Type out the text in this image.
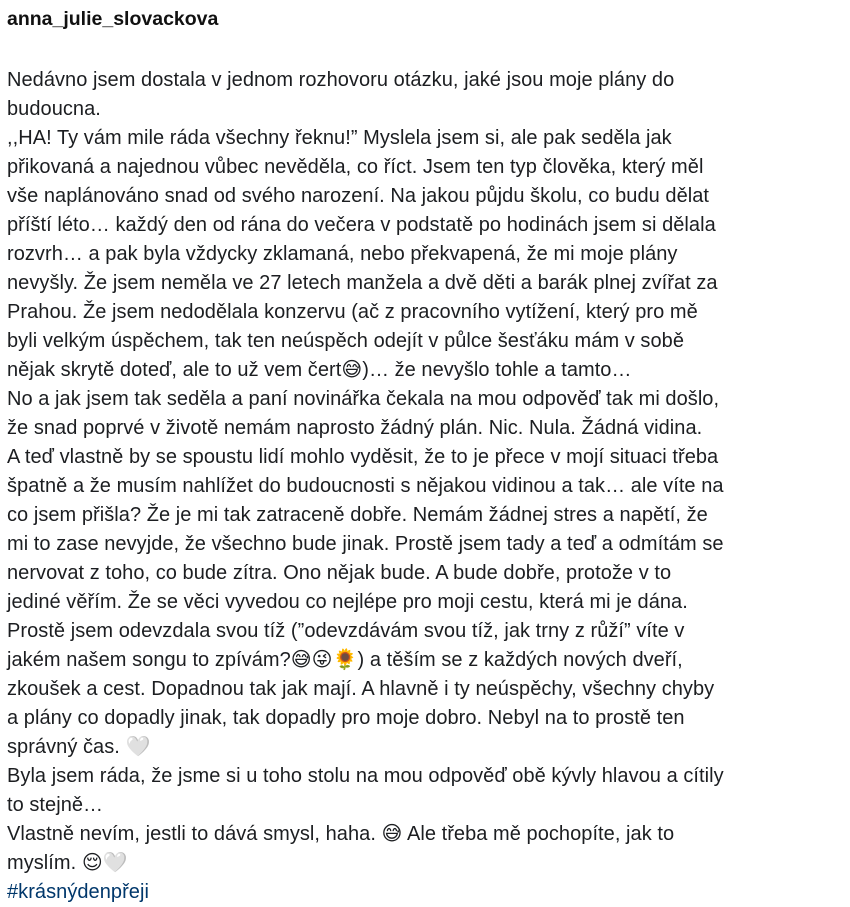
anna_julie_slovackova
Nedávno jsem dostala v jednom rozhovoru otázku, jaké jsou moje plány do
budoucna.
,,HA! Ty vám mile ráda všechny řeknu!” Myslela jsem si, ale pak seděla jak
přikovaná a najednou vůbec nevěděla, co říct. Jsem ten typ člověka, který měl
vše naplánováno snad od svého narození. Na jakou půjdu školu, co budu dělat
příští léto… každý den od rána do večera v podstatě po hodinách jsem si dělala
rozvrh… a pak byla vždycky zklamaná, nebo překvapená, že mi moje plány
nevyšly. Že jsem neměla ve 27 letech manžela a dvě děti a barák plnej zvířat za
Prahou. Že jsem nedodělala konzervu (ač z pracovního vytížení, který pro mě
byli velkým úspěchem, tak ten neúspěch odejít v půlce šesťáku mám v sobě
nějak skrytě doteď, ale to už vem čert😅)… že nevyšlo tohle a tamto…
No a jak jsem tak seděla a paní novinářka čekala na mou odpověď tak mi došlo,
že snad poprvé v životě nemám naprosto žádný plán. Nic. Nula. Žádná vidina.
A teď vlastně by se spoustu lidí mohlo vyděsit, že to je přece v mojí situaci třeba
špatně a že musím nahlížet do budoucnosti s nějakou vidinou a tak… ale víte na
co jsem přišla? Že je mi tak zatraceně dobře. Nemám žádnej stres a napětí, že
mi to zase nevyjde, že všechno bude jinak. Prostě jsem tady a teď a odmítám se
nervovat z toho, co bude zítra. Ono nějak bude. A bude dobře, protože v to
jediné věřím. Že se věci vyvedou co nejlépe pro moji cestu, která mi je dána.
Prostě jsem odevzdala svou tíž (”odevzdávám svou tíž, jak trny z růží” víte v
jakém našem songu to zpívám?😅😜🌻) a těším se z každých nových dveří,
zkoušek a cest. Dopadnou tak jak mají. A hlavně i ty neúspěchy, všechny chyby
a plány co dopadly jinak, tak dopadly pro moje dobro. Nebyl na to prostě ten
správný čas. 🤍
Byla jsem ráda, že jsme si u toho stolu na mou odpověď obě kývly hlavou a cítily
to stejně…
Vlastně nevím, jestli to dává smysl, haha. 😅 Ale třeba mě pochopíte, jak to
myslím. 😌🤍
#krásnýdenpřeji
